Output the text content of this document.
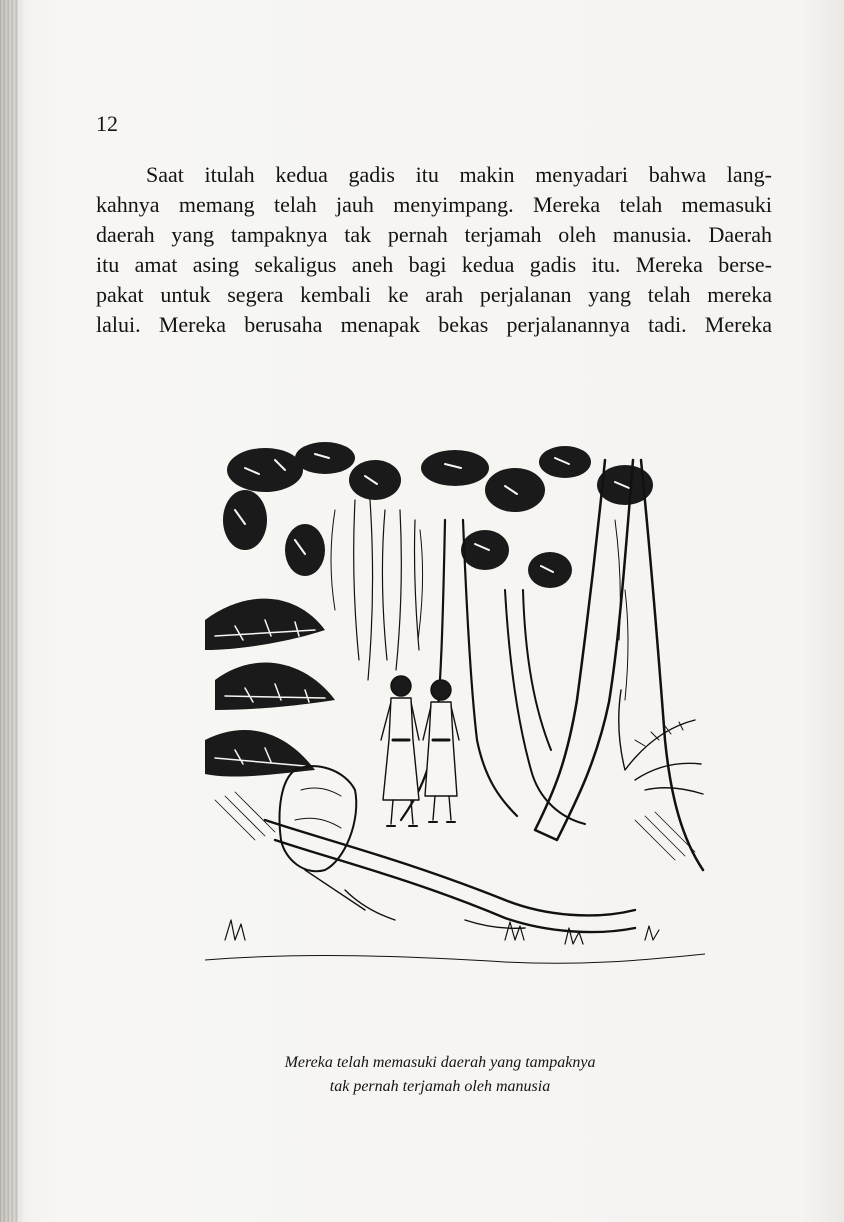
12
Saat itulah kedua gadis itu makin menyadari bahwa lang-
kahnya memang telah jauh menyimpang. Mereka telah memasuki
daerah yang tampaknya tak pernah terjamah oleh manusia. Daerah
itu amat asing sekaligus aneh bagi kedua gadis itu. Mereka berse-
pakat untuk segera kembali ke arah perjalanan yang telah mereka
lalui. Mereka berusaha menapak bekas perjalanannya tadi. Mereka
Mereka telah memasuki daerah yang tampaknya
tak pernah terjamah oleh manusia
